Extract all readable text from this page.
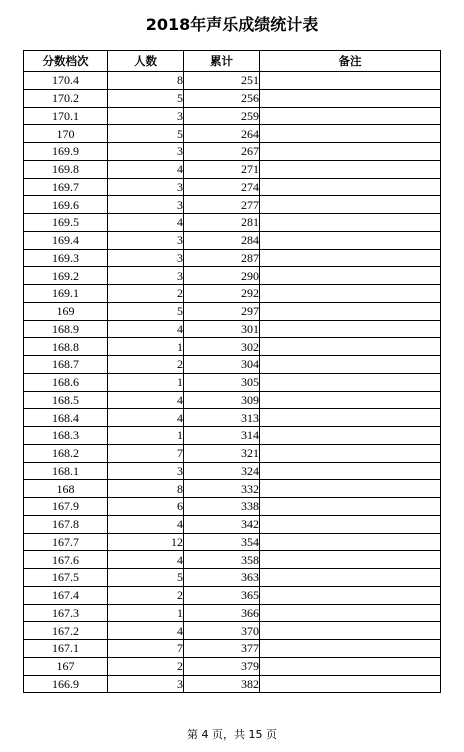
2018年声乐成绩统计表
分数档次	人数	累计	备注
170.4	8	251	
170.2	5	256	
170.1	3	259	
170	5	264	
169.9	3	267	
169.8	4	271	
169.7	3	274	
169.6	3	277	
169.5	4	281	
169.4	3	284	
169.3	3	287	
169.2	3	290	
169.1	2	292	
169	5	297	
168.9	4	301	
168.8	1	302	
168.7	2	304	
168.6	1	305	
168.5	4	309	
168.4	4	313	
168.3	1	314	
168.2	7	321	
168.1	3	324	
168	8	332	
167.9	6	338	
167.8	4	342	
167.7	12	354	
167.6	4	358	
167.5	5	363	
167.4	2	365	
167.3	1	366	
167.2	4	370	
167.1	7	377	
167	2	379	
166.9	3	382	
第 4 页，共 15 页
